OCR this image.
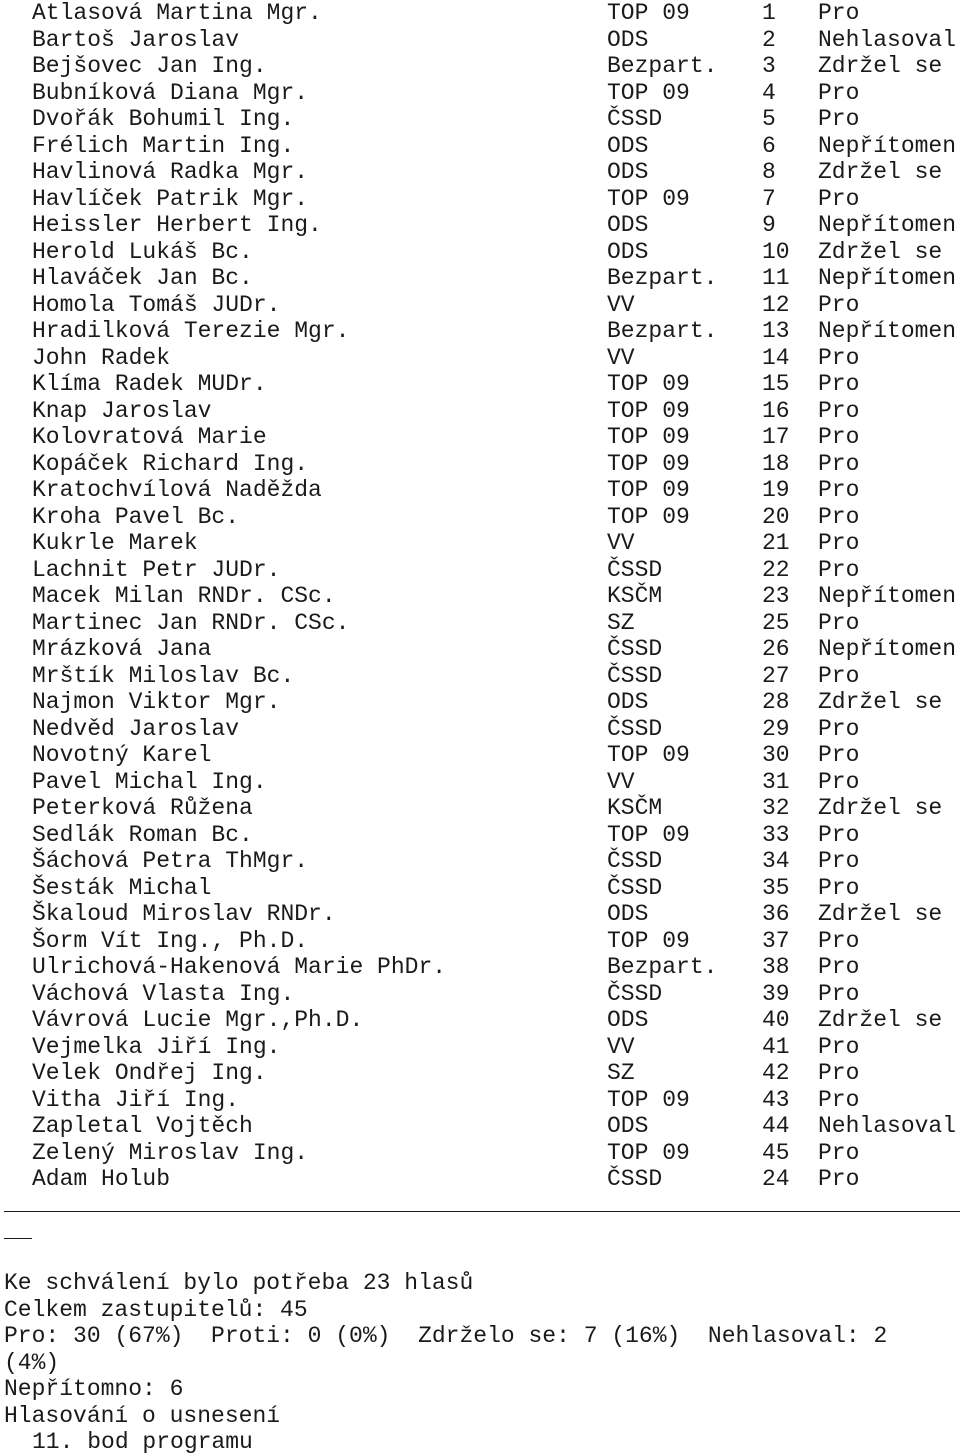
Atlasová Martina Mgr.	TOP 09	1 Pro
Bartoš Jaroslav	ODS	2 Nehlasoval
Bejšovec Jan Ing.	Bezpart. 3 Zdržel se
Bubníková Diana Mgr.	TOP 09	4 Pro
Dvořák Bohumil Ing.	ČSSD	5 Pro
Frélich Martin Ing.	ODS	6 Nepřítomen
Havlinová Radka Mgr.	ODS	8 Zdržel se
Havlíček Patrik Mgr.	TOP 09	7 Pro
Heissler Herbert Ing.	ODS	9 Nepřítomen
Herold Lukáš Bc.	ODS	10 Zdržel se
Hlaváček Jan Bc.	Bezpart. 11 Nepřítomen
Homola Tomáš JUDr.	VV	12 Pro
Hradilková Terezie Mgr.	Bezpart. 13 Nepřítomen
John Radek	VV	14 Pro
Klíma Radek MUDr.	TOP 09	15 Pro
Knap Jaroslav	TOP 09	16 Pro
Kolovratová Marie	TOP 09	17 Pro
Kopáček Richard Ing.	TOP 09	18 Pro
Kratochvílová Naděžda	TOP 09	19 Pro
Kroha Pavel Bc.	TOP 09	20 Pro
Kukrle Marek	VV	21 Pro
Lachnit Petr JUDr.	ČSSD	22 Pro
Macek Milan RNDr. CSc.	KSČM	23 Nepřítomen
Martinec Jan RNDr. CSc.	SZ	25 Pro
Mrázková Jana	ČSSD	26 Nepřítomen
Mrštík Miloslav Bc.	ČSSD	27 Pro
Najmon Viktor Mgr.	ODS	28 Zdržel se
Nedvěd Jaroslav	ČSSD	29 Pro
Novotný Karel	TOP 09	30 Pro
Pavel Michal Ing.	VV	31 Pro
Peterková Růžena	KSČM	32 Zdržel se
Sedlák Roman Bc.	TOP 09	33 Pro
Šáchová Petra ThMgr.	ČSSD	34 Pro
Šesták Michal	ČSSD	35 Pro
Škaloud Miroslav RNDr.	ODS	36 Zdržel se
Šorm Vít Ing., Ph.D.	TOP 09	37 Pro
Ulrichová-Hakenová Marie PhDr.	Bezpart. 38 Pro
Váchová Vlasta Ing.	ČSSD	39 Pro
Vávrová Lucie Mgr.,Ph.D.	ODS	40 Zdržel se
Vejmelka Jiří Ing.	VV	41 Pro
Velek Ondřej Ing.	SZ	42 Pro
Vitha Jiří Ing.	TOP 09	43 Pro
Zapletal Vojtěch	ODS	44 Nehlasoval
Zelený Miroslav Ing.	TOP 09	45 Pro
Adam Holub	ČSSD	24 Pro
Ke schválení bylo potřeba 23 hlasů
Celkem zastupitelů: 45
Pro: 30 (67%)  Proti: 0 (0%)  Zdrželo se: 7 (16%)  Nehlasoval: 2
(4%)
Nepřítomno: 6
Hlasování o usnesení
11. bod programu
